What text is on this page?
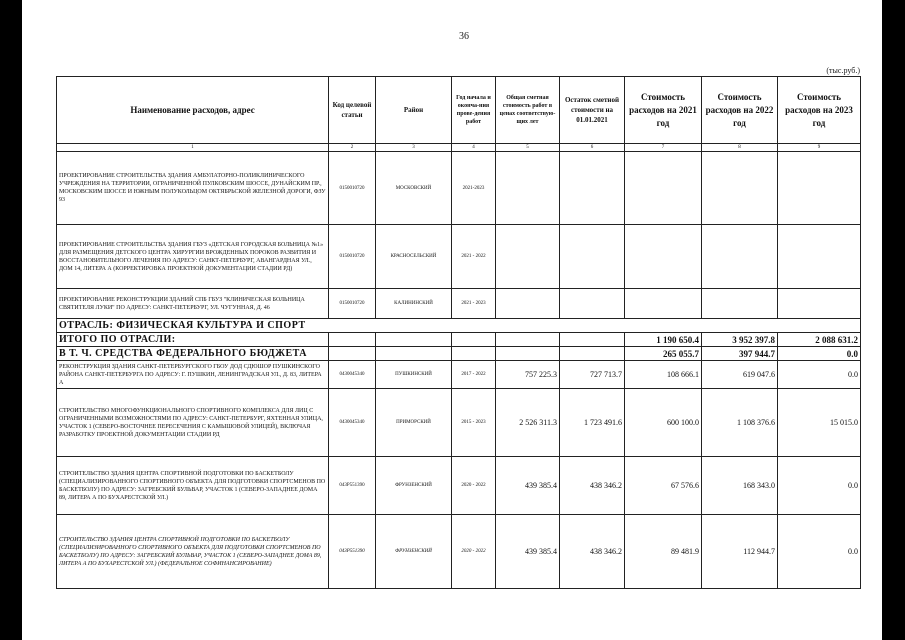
36
(тыс.руб.)
Наименование расходов, адрес	Код целевой статьи	Район	Год начала и оконча-ния прове-дения работ	Общая сметная стоимость работ в ценах соответствую-щих лет	Остаток сметной стоимости на 01.01.2021	Стоимость расходов на 2021 год	Стоимость расходов на 2022 год	Стоимость расходов на 2023 год
1	2	3	4	5	6	7	8	9
ПРОЕКТИРОВАНИЕ СТРОИТЕЛЬСТВА ЗДАНИЯ АМБУЛАТОРНО-ПОЛИКЛИНИЧЕСКОГО УЧРЕЖДЕНИЯ НА ТЕРРИТОРИИ, ОГРАНИЧЕННОЙ ПУЛКОВСКИМ ШОССЕ, ДУНАЙСКИМ ПР., МОСКОВСКИМ ШОССЕ И ЮЖНЫМ ПОЛУКОЛЬЦОМ ОКТЯБРЬСКОЙ ЖЕЛЕЗНОЙ ДОРОГИ, ФЗУ 93	0150010720	МОСКОВСКИЙ	2021-2023					
ПРОЕКТИРОВАНИЕ СТРОИТЕЛЬСТВА ЗДАНИЯ ГБУЗ «ДЕТСКАЯ ГОРОДСКАЯ БОЛЬНИЦА №1» ДЛЯ РАЗМЕЩЕНИЯ ДЕТСКОГО ЦЕНТРА ХИРУРГИИ ВРОЖДЕННЫХ ПОРОКОВ РАЗВИТИЯ И ВОССТАНОВИТЕЛЬНОГО ЛЕЧЕНИЯ ПО АДРЕСУ: САНКТ-ПЕТЕРБУРГ, АВАНГАРДНАЯ УЛ., ДОМ 14, ЛИТЕРА А (КОРРЕКТИРОВКА ПРОЕКТНОЙ ДОКУМЕНТАЦИИ СТАДИИ РД)	0150010720	КРАСНОСЕЛЬСКИЙ	2021 - 2022					
ПРОЕКТИРОВАНИЕ РЕКОНСТРУКЦИИ ЗДАНИЙ СПБ ГБУЗ "КЛИНИЧЕСКАЯ БОЛЬНИЦА СВЯТИТЕЛЯ ЛУКИ" ПО АДРЕСУ: САНКТ-ПЕТЕРБУРГ, УЛ. ЧУГУННАЯ, Д. 46	0150010720	КАЛИНИНСКИЙ	2021 - 2023					
ОТРАСЛЬ: ФИЗИЧЕСКАЯ КУЛЬТУРА И СПОРТ								
ИТОГО ПО ОТРАСЛИ:						1 190 650.4	3 952 397.8	2 088 631.2
В Т. Ч. СРЕДСТВА ФЕДЕРАЛЬНОГО БЮДЖЕТА						265 055.7	397 944.7	0.0
РЕКОНСТРУКЦИЯ ЗДАНИЯ САНКТ-ПЕТЕРБУРГСКОГО ГБОУ ДОД СДЮШОР ПУШКИНСКОГО РАЙОНА САНКТ-ПЕТЕРБУРГА ПО АДРЕСУ: Г. ПУШКИН, ЛЕНИНГРАДСКАЯ УЛ., Д. 83, ЛИТЕРА А	0430045340	ПУШКИНСКИЙ	2017 - 2022	757 225.3	727 713.7	108 666.1	619 047.6	0.0
СТРОИТЕЛЬСТВО МНОГОФУНКЦИОНАЛЬНОГО СПОРТИВНОГО КОМПЛЕКСА ДЛЯ ЛИЦ С ОГРАНИЧЕННЫМИ ВОЗМОЖНОСТЯМИ ПО АДРЕСУ: САНКТ-ПЕТЕРБУРГ, ЯХТЕННАЯ УЛИЦА, УЧАСТОК 1 (СЕВЕРО-ВОСТОЧНЕЕ ПЕРЕСЕЧЕНИЯ С КАМЫШОВОЙ УЛИЦЕЙ), ВКЛЮЧАЯ РАЗРАБОТКУ ПРОЕКТНОЙ ДОКУМЕНТАЦИИ СТАДИИ РД	0430045340	ПРИМОРСКИЙ	2015 - 2023	2 526 311.3	1 723 491.6	600 100.0	1 108 376.6	15 015.0
СТРОИТЕЛЬСТВО ЗДАНИЯ ЦЕНТРА СПОРТИВНОЙ ПОДГОТОВКИ ПО БАСКЕТБОЛУ (СПЕЦИАЛИЗИРОВАННОГО СПОРТИВНОГО ОБЪЕКТА ДЛЯ ПОДГОТОВКИ СПОРТСМЕНОВ ПО БАСКЕТБОЛУ) ПО АДРЕСУ: ЗАГРЕБСКИЙ БУЛЬВАР, УЧАСТОК 1 (СЕВЕРО-ЗАПАДНЕЕ ДОМА 89, ЛИТЕРА А ПО БУХАРЕСТСКОЙ УЛ.)	043P551390	ФРУНЗЕНСКИЙ	2020 - 2022	439 385.4	438 346.2	67 576.6	168 343.0	0.0
СТРОИТЕЛЬСТВО ЗДАНИЯ ЦЕНТРА СПОРТИВНОЙ ПОДГОТОВКИ ПО БАСКЕТБОЛУ (СПЕЦИАЛИЗИРОВАННОГО СПОРТИВНОГО ОБЪЕКТА ДЛЯ ПОДГОТОВКИ СПОРТСМЕНОВ ПО БАСКЕТБОЛУ) ПО АДРЕСУ: ЗАГРЕБСКИЙ БУЛЬВАР, УЧАСТОК 1 (СЕВЕРО-ЗАПАДНЕЕ ДОМА 89, ЛИТЕРА А ПО БУХАРЕСТСКОЙ УЛ.) (ФЕДЕРАЛЬНОЕ СОФИНАНСИРОВАНИЕ)	043P551390	ФРУНЗЕНСКИЙ	2020 - 2022	439 385.4	438 346.2	89 481.9	112 944.7	0.0
